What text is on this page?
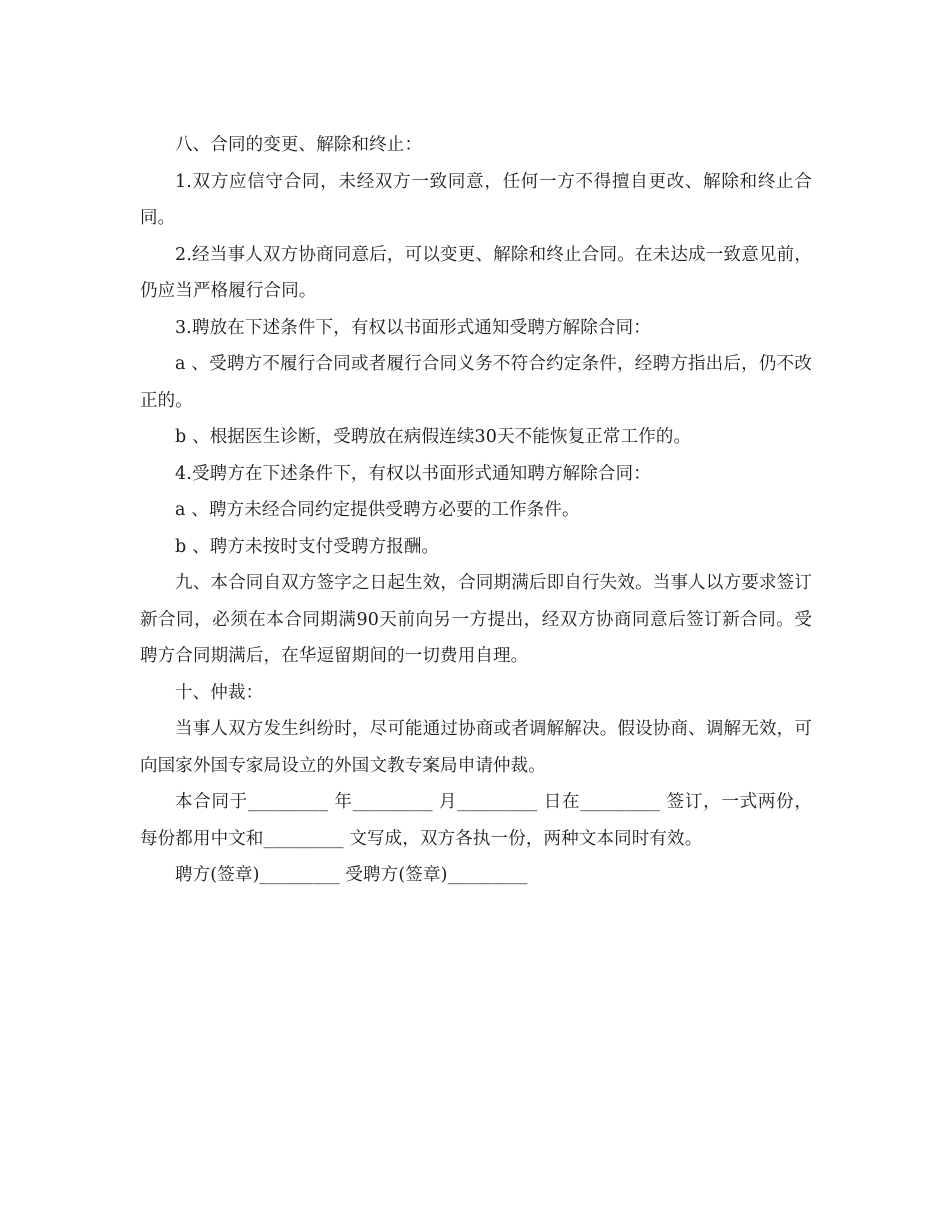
八、合同的变更、解除和终止：

1.双方应信守合同，未经双方一致同意，任何一方不得擅自更改、解除和终止合同。

2.经当事人双方协商同意后，可以变更、解除和终止合同。在未达成一致意见前，仍应当严格履行合同。

3.聘放在下述条件下，有权以书面形式通知受聘方解除合同：

a 、受聘方不履行合同或者履行合同义务不符合约定条件，经聘方指出后，仍不改正的。

b 、根据医生诊断，受聘放在病假连续30天不能恢复正常工作的。

4.受聘方在下述条件下，有权以书面形式通知聘方解除合同：

a 、聘方未经合同约定提供受聘方必要的工作条件。

b 、聘方未按时支付受聘方报酬。

九、本合同自双方签字之日起生效，合同期满后即自行失效。当事人以方要求签订新合同，必须在本合同期满90天前向另一方提出，经双方协商同意后签订新合同。受聘方合同期满后，在华逗留期间的一切费用自理。

十、仲裁：

当事人双方发生纠纷时，尽可能通过协商或者调解解决。假设协商、调解无效，可向国家外国专家局设立的外国文教专案局申请仲裁。

本合同于_________ 年_________ 月_________ 日在_________ 签订，一式两份，每份都用中文和_________ 文写成，双方各执一份，两种文本同时有效。

聘方(签章)_________ 受聘方(签章)_________
